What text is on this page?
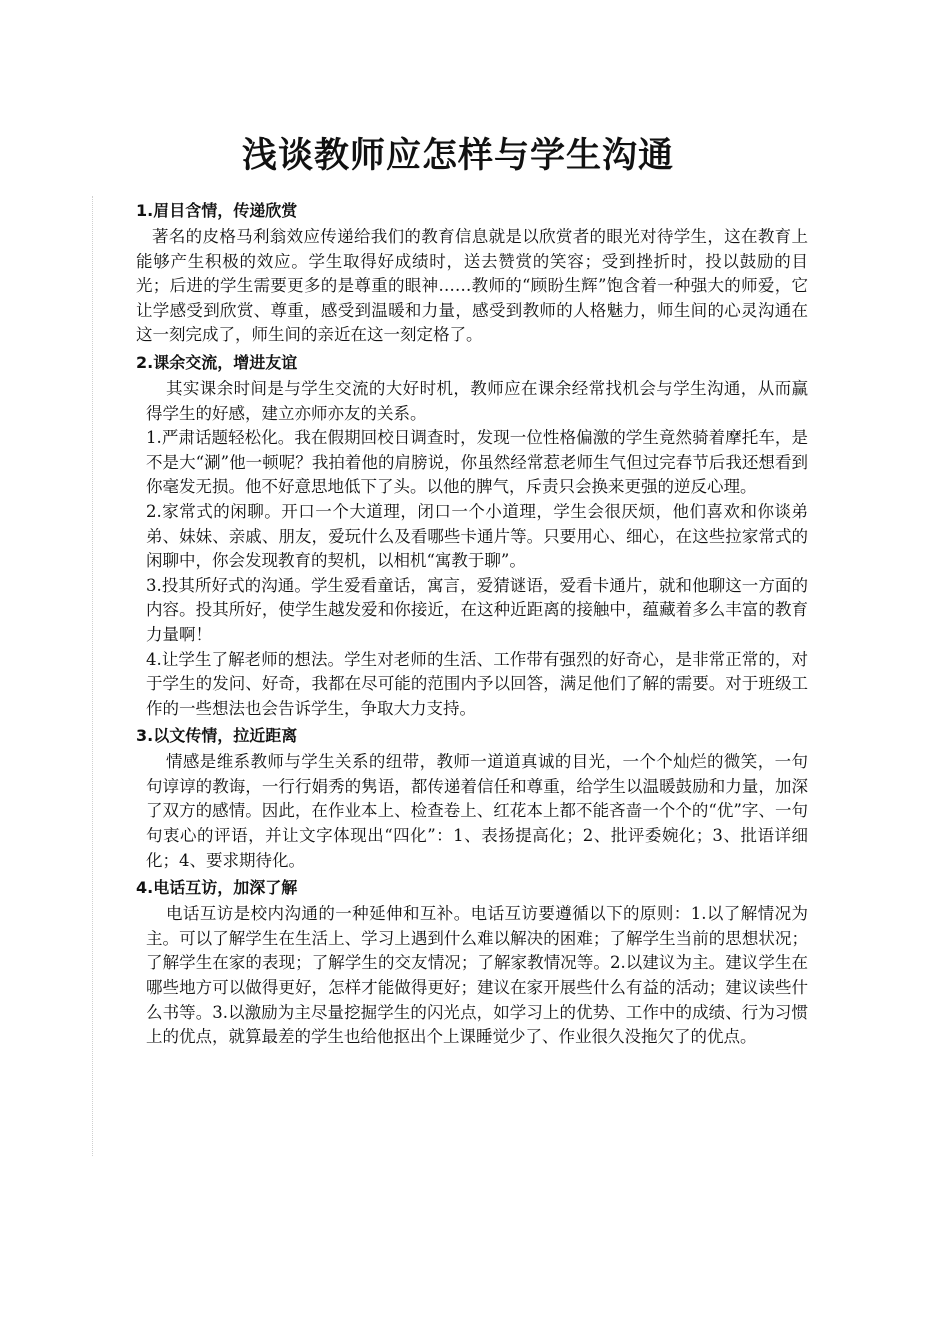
浅谈教师应怎样与学生沟通
1.眉目含情，传递欣赏

著名的皮格马利翁效应传递给我们的教育信息就是以欣赏者的眼光对待学生，这在教育上能够产生积极的效应。学生取得好成绩时，送去赞赏的笑容；受到挫折时，投以鼓励的目光；后进的学生需要更多的是尊重的眼神……教师的“顾盼生辉”饱含着一种强大的师爱，它让学感受到欣赏、尊重，感受到温暖和力量，感受到教师的人格魅力，师生间的心灵沟通在这一刻完成了，师生间的亲近在这一刻定格了。

2.课余交流，增进友谊

其实课余时间是与学生交流的大好时机，教师应在课余经常找机会与学生沟通，从而赢得学生的好感，建立亦师亦友的关系。

1.严肃话题轻松化。我在假期回校日调查时，发现一位性格偏激的学生竟然骑着摩托车，是不是大“涮”他一顿呢？我拍着他的肩膀说，你虽然经常惹老师生气但过完春节后我还想看到你毫发无损。他不好意思地低下了头。以他的脾气，斥责只会换来更强的逆反心理。

2.家常式的闲聊。开口一个大道理，闭口一个小道理，学生会很厌烦，他们喜欢和你谈弟弟、妹妹、亲戚、朋友，爱玩什么及看哪些卡通片等。只要用心、细心，在这些拉家常式的闲聊中，你会发现教育的契机，以相机“寓教于聊”。

3.投其所好式的沟通。学生爱看童话，寓言，爱猜谜语，爱看卡通片，就和他聊这一方面的内容。投其所好，使学生越发爱和你接近，在这种近距离的接触中，蕴藏着多么丰富的教育力量啊！

4.让学生了解老师的想法。学生对老师的生活、工作带有强烈的好奇心，是非常正常的，对于学生的发问、好奇，我都在尽可能的范围内予以回答，满足他们了解的需要。对于班级工作的一些想法也会告诉学生，争取大力支持。

3.以文传情，拉近距离

情感是维系教师与学生关系的纽带，教师一道道真诚的目光，一个个灿烂的微笑，一句句谆谆的教诲，一行行娟秀的隽语，都传递着信任和尊重，给学生以温暖鼓励和力量，加深了双方的感情。因此，在作业本上、检查卷上、红花本上都不能吝啬一个个的“优”字、一句句衷心的评语，并让文字体现出“四化”：1、表扬提高化；2、批评委婉化；3、批语详细化；4、要求期待化。

4.电话互访，加深了解

电话互访是校内沟通的一种延伸和互补。电话互访要遵循以下的原则：1.以了解情况为主。可以了解学生在生活上、学习上遇到什么难以解决的困难；了解学生当前的思想状况；了解学生在家的表现；了解学生的交友情况；了解家教情况等。2.以建议为主。建议学生在哪些地方可以做得更好，怎样才能做得更好；建议在家开展些什么有益的活动；建议读些什么书等。3.以激励为主尽量挖掘学生的闪光点，如学习上的优势、工作中的成绩、行为习惯上的优点，就算最差的学生也给他抠出个上课睡觉少了、作业很久没拖欠了的优点。
